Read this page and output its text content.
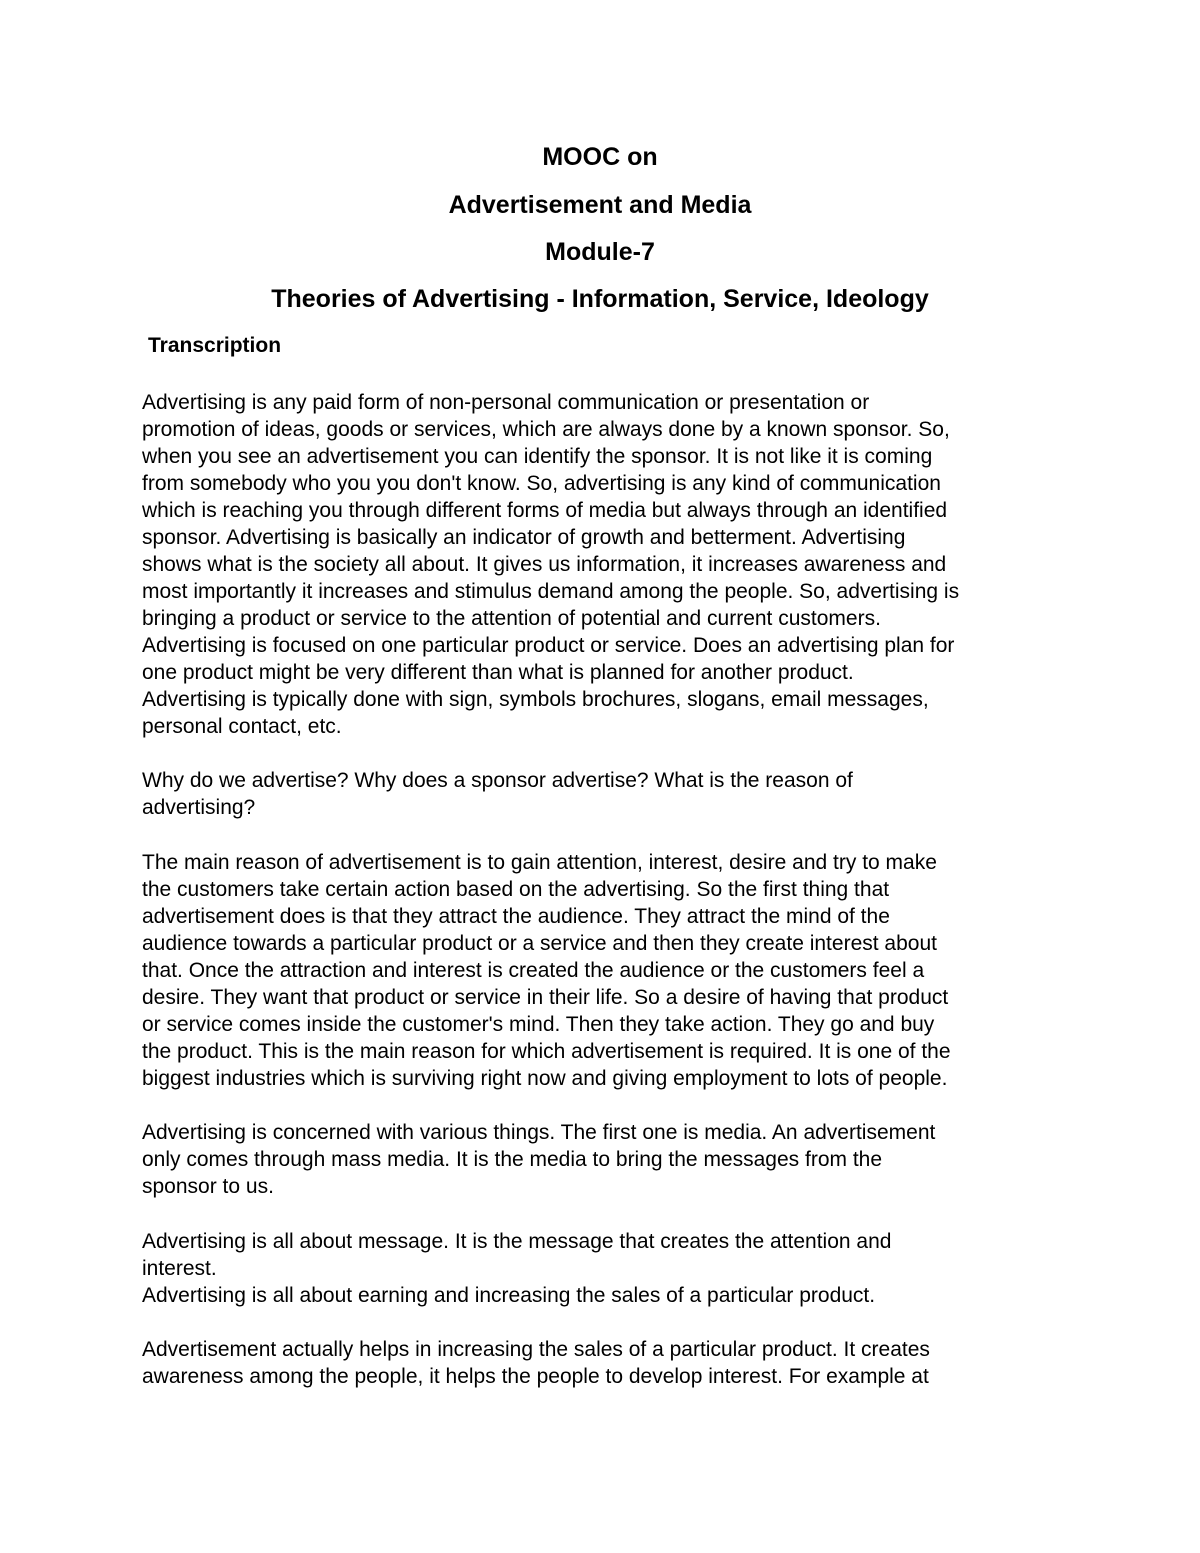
MOOC on
Advertisement and Media
Module-7
Theories of Advertising - Information, Service, Ideology
Transcription
Advertising is any paid form of non-personal communication or presentation or
promotion of ideas, goods or services, which are always done by a known sponsor. So,
when you see an advertisement you can identify the sponsor. It is not like it is coming
from somebody who you you don't know. So, advertising is any kind of communication
which is reaching you through different forms of media but always through an identified
sponsor. Advertising is basically an indicator of growth and betterment. Advertising
shows what is the society all about. It gives us information, it increases awareness and
most importantly it increases and stimulus demand among the people. So, advertising is
bringing a product or service to the attention of potential and current customers.
Advertising is focused on one particular product or service. Does an advertising plan for
one product might be very different than what is planned for another product.
Advertising is typically done with sign, symbols brochures, slogans, email messages,
personal contact, etc.
Why do we advertise? Why does a sponsor advertise? What is the reason of
advertising?
The main reason of advertisement is to gain attention, interest, desire and try to make
the customers take certain action based on the advertising. So the first thing that
advertisement does is that they attract the audience. They attract the mind of the
audience towards a particular product or a service and then they create interest about
that. Once the attraction and interest is created the audience or the customers feel a
desire. They want that product or service in their life. So a desire of having that product
or service comes inside the customer's mind. Then they take action. They go and buy
the product. This is the main reason for which advertisement is required. It is one of the
biggest industries which is surviving right now and giving employment to lots of people.
Advertising is concerned with various things. The first one is media. An advertisement
only comes through mass media. It is the media to bring the messages from the
sponsor to us.
Advertising is all about message. It is the message that creates the attention and
interest.
Advertising is all about earning and increasing the sales of a particular product.
Advertisement actually helps in increasing the sales of a particular product. It creates
awareness among the people, it helps the people to develop interest. For example at
